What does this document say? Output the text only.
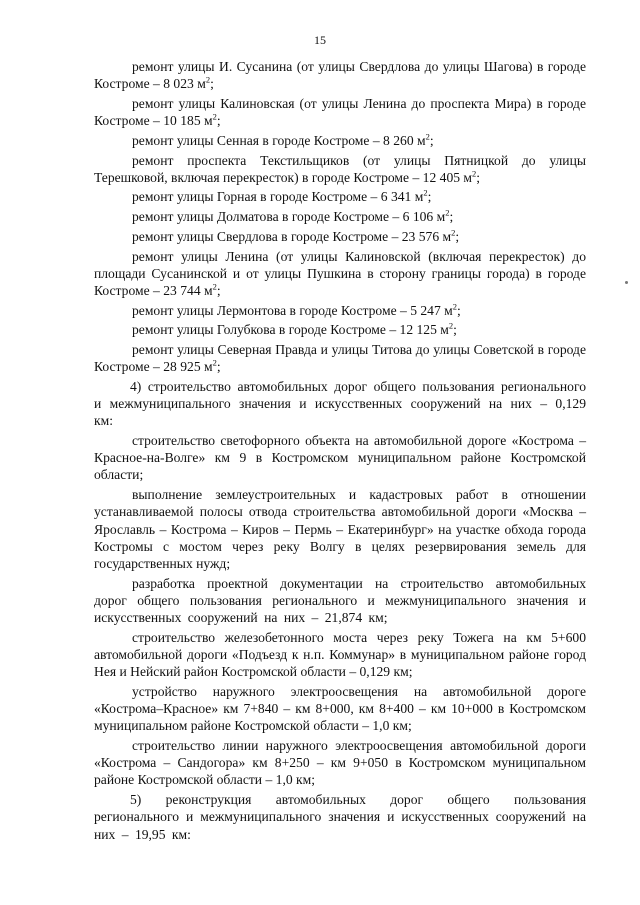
15

ремонт улицы И. Сусанина (от улицы Свердлова до улицы Шагова) в городе Костроме – 8 023 $м^2$;

ремонт улицы Калиновская (от улицы Ленина до проспекта Мира) в городе Костроме – 10 185 $м^2$;

ремонт улицы Сенная в городе Костроме – 8 260 $м^2$;

ремонт проспекта Текстильщиков (от улицы Пятницкой до улицы Терешковой, включая перекресток) в городе Костроме – 12 405 $м^2$;

ремонт улицы Горная в городе Костроме – 6 341 $м^2$;

ремонт улицы Долматова в городе Костроме – 6 106 $м^2$;

ремонт улицы Свердлова в городе Костроме – 23 576 $м^2$;

ремонт улицы Ленина (от улицы Калиновской (включая перекресток) до площади Сусанинской и от улицы Пушкина в сторону границы города) в городе Костроме – 23 744 $м^2$;

ремонт улицы Лермонтова в городе Костроме – 5 247 $м^2$;

ремонт улицы Голубкова в городе Костроме – 12 125 $м^2$;

ремонт улицы Северная Правда и улицы Титова до улицы Советской в городе Костроме – 28 925 $м^2$;

4) строительство автомобильных дорог общего пользования регионального и межмуниципального значения и искусственных сооружений на них – 0,129 км:

строительство светофорного объекта на автомобильной дороге «Кострома – Красное-на-Волге» км 9 в Костромском муниципальном районе Костромской области;

выполнение землеустроительных и кадастровых работ в отношении устанавливаемой полосы отвода строительства автомобильной дороги «Москва – Ярославль – Кострома – Киров – Пермь – Екатеринбург» на участке обхода города Костромы с мостом через реку Волгу в целях резервирования земель для государственных нужд;

разработка проектной документации на строительство автомобильных дорог общего пользования регионального и межмуниципального значения и искусственных сооружений на них – 21,874 км;

строительство железобетонного моста через реку Тожега на км 5+600 автомобильной дороги «Подъезд к н.п. Коммунар» в муниципальном районе город Нея и Нейский район Костромской области – 0,129 км;

устройство наружного электроосвещения на автомобильной дороге «Кострома–Красное» км 7+840 – км 8+000, км 8+400 – км 10+000 в Костромском муниципальном районе Костромской области – 1,0 км;

строительство линии наружного электроосвещения автомобильной дороги «Кострома – Сандогора» км 8+250 – км 9+050 в Костромском муниципальном районе Костромской области – 1,0 км;

5) реконструкция автомобильных дорог общего пользования регионального и межмуниципального значения и искусственных сооружений на них – 19,95 км:
